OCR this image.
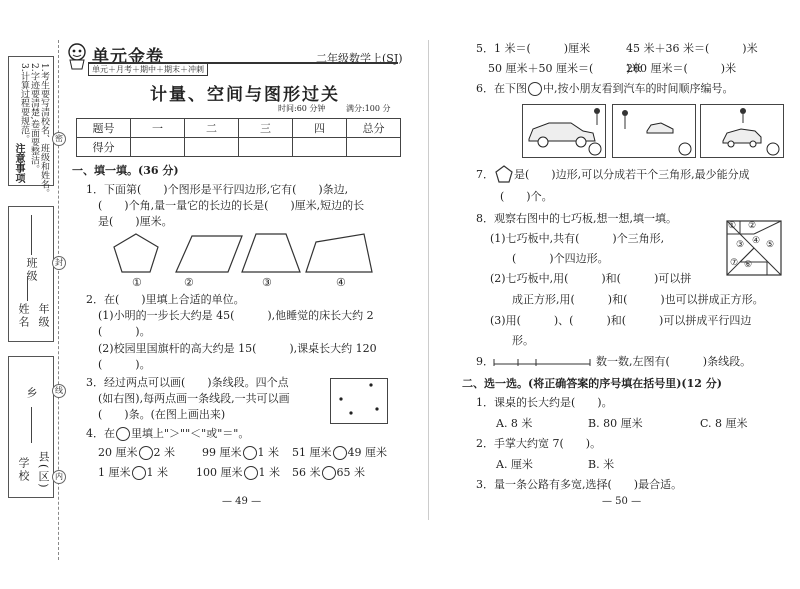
注意事项 1.考生要写清校名、班级和姓名。
2.字迹要清楚,卷面要整洁。
3.计算过程要规范。
班级
年级
姓名
乡
县(区)
学校
密
封
线
内
单元金卷
单元＋月考＋期中＋期末＋冲刺
二年级数学上(SJ)
计量、空间与图形过关
时间:60 分钟	满分:100 分
题号	一	二	三	四	总分
得分					
一、填一填。(36 分)
1．下面第(　　)个图形是平行四边形,它有(　　)条边,
(　　)个角,量一量它的长边的长是(　　)厘米,短边的长
是(　　)厘米。
①	②	③	④
2．在(　　)里填上合适的单位。
(1)小明的一步长大约是 45(　　　),他睡觉的床长大约 2
(　　　)。
(2)校园里国旗杆的高大约是 15(　　　),课桌长大约 120
(　　　)。
3．经过两点可以画(　　)条线段。四个点
(如右图),每两点画一条线段,一共可以画
(　　)条。(在图上画出来)
4．在 里填上"＞""＜"或"＝"。
20 厘米 2 米 99 厘米 1 米 51 厘米 49 厘米
1 厘米 1 米	100 厘米 1 米 56 米 65 米
— 49 —
5．1 米＝(　　　)厘米	45 米＋36 米＝(　　　)米
50 厘米＋50 厘米＝(　　　)米
200 厘米＝(　　　)米
6．在下图 中,按小朋友看到汽车的时间顺序编号。
7． 是(　　)边形,可以分成若干个三角形,最少能分成
(　　)个。
8．观察右图中的七巧板,想一想,填一填。
(1)七巧板中,共有(　　　)个三角形,
(　　　)个四边形。
(2)七巧板中,用(　　　)和(　　　)可以拼
成正方形,用(　　　)和(　　　)也可以拼成正方形。
(3)用(　　　)、(　　　)和(　　　)可以拼成平行四边
形。
① ②
③ ④ ⑤
⑥
⑦
9．	数一数,左图有(　　　)条线段。
二、选一选。(将正确答案的序号填在括号里)(12 分)
1．课桌的长大约是(　　)。
A. 8 米	B. 80 厘米	C. 8 厘米
2．手掌大约宽 7(　　)。
A. 厘米	B. 米
3．量一条公路有多宽,选择(　　)最合适。
— 50 —
